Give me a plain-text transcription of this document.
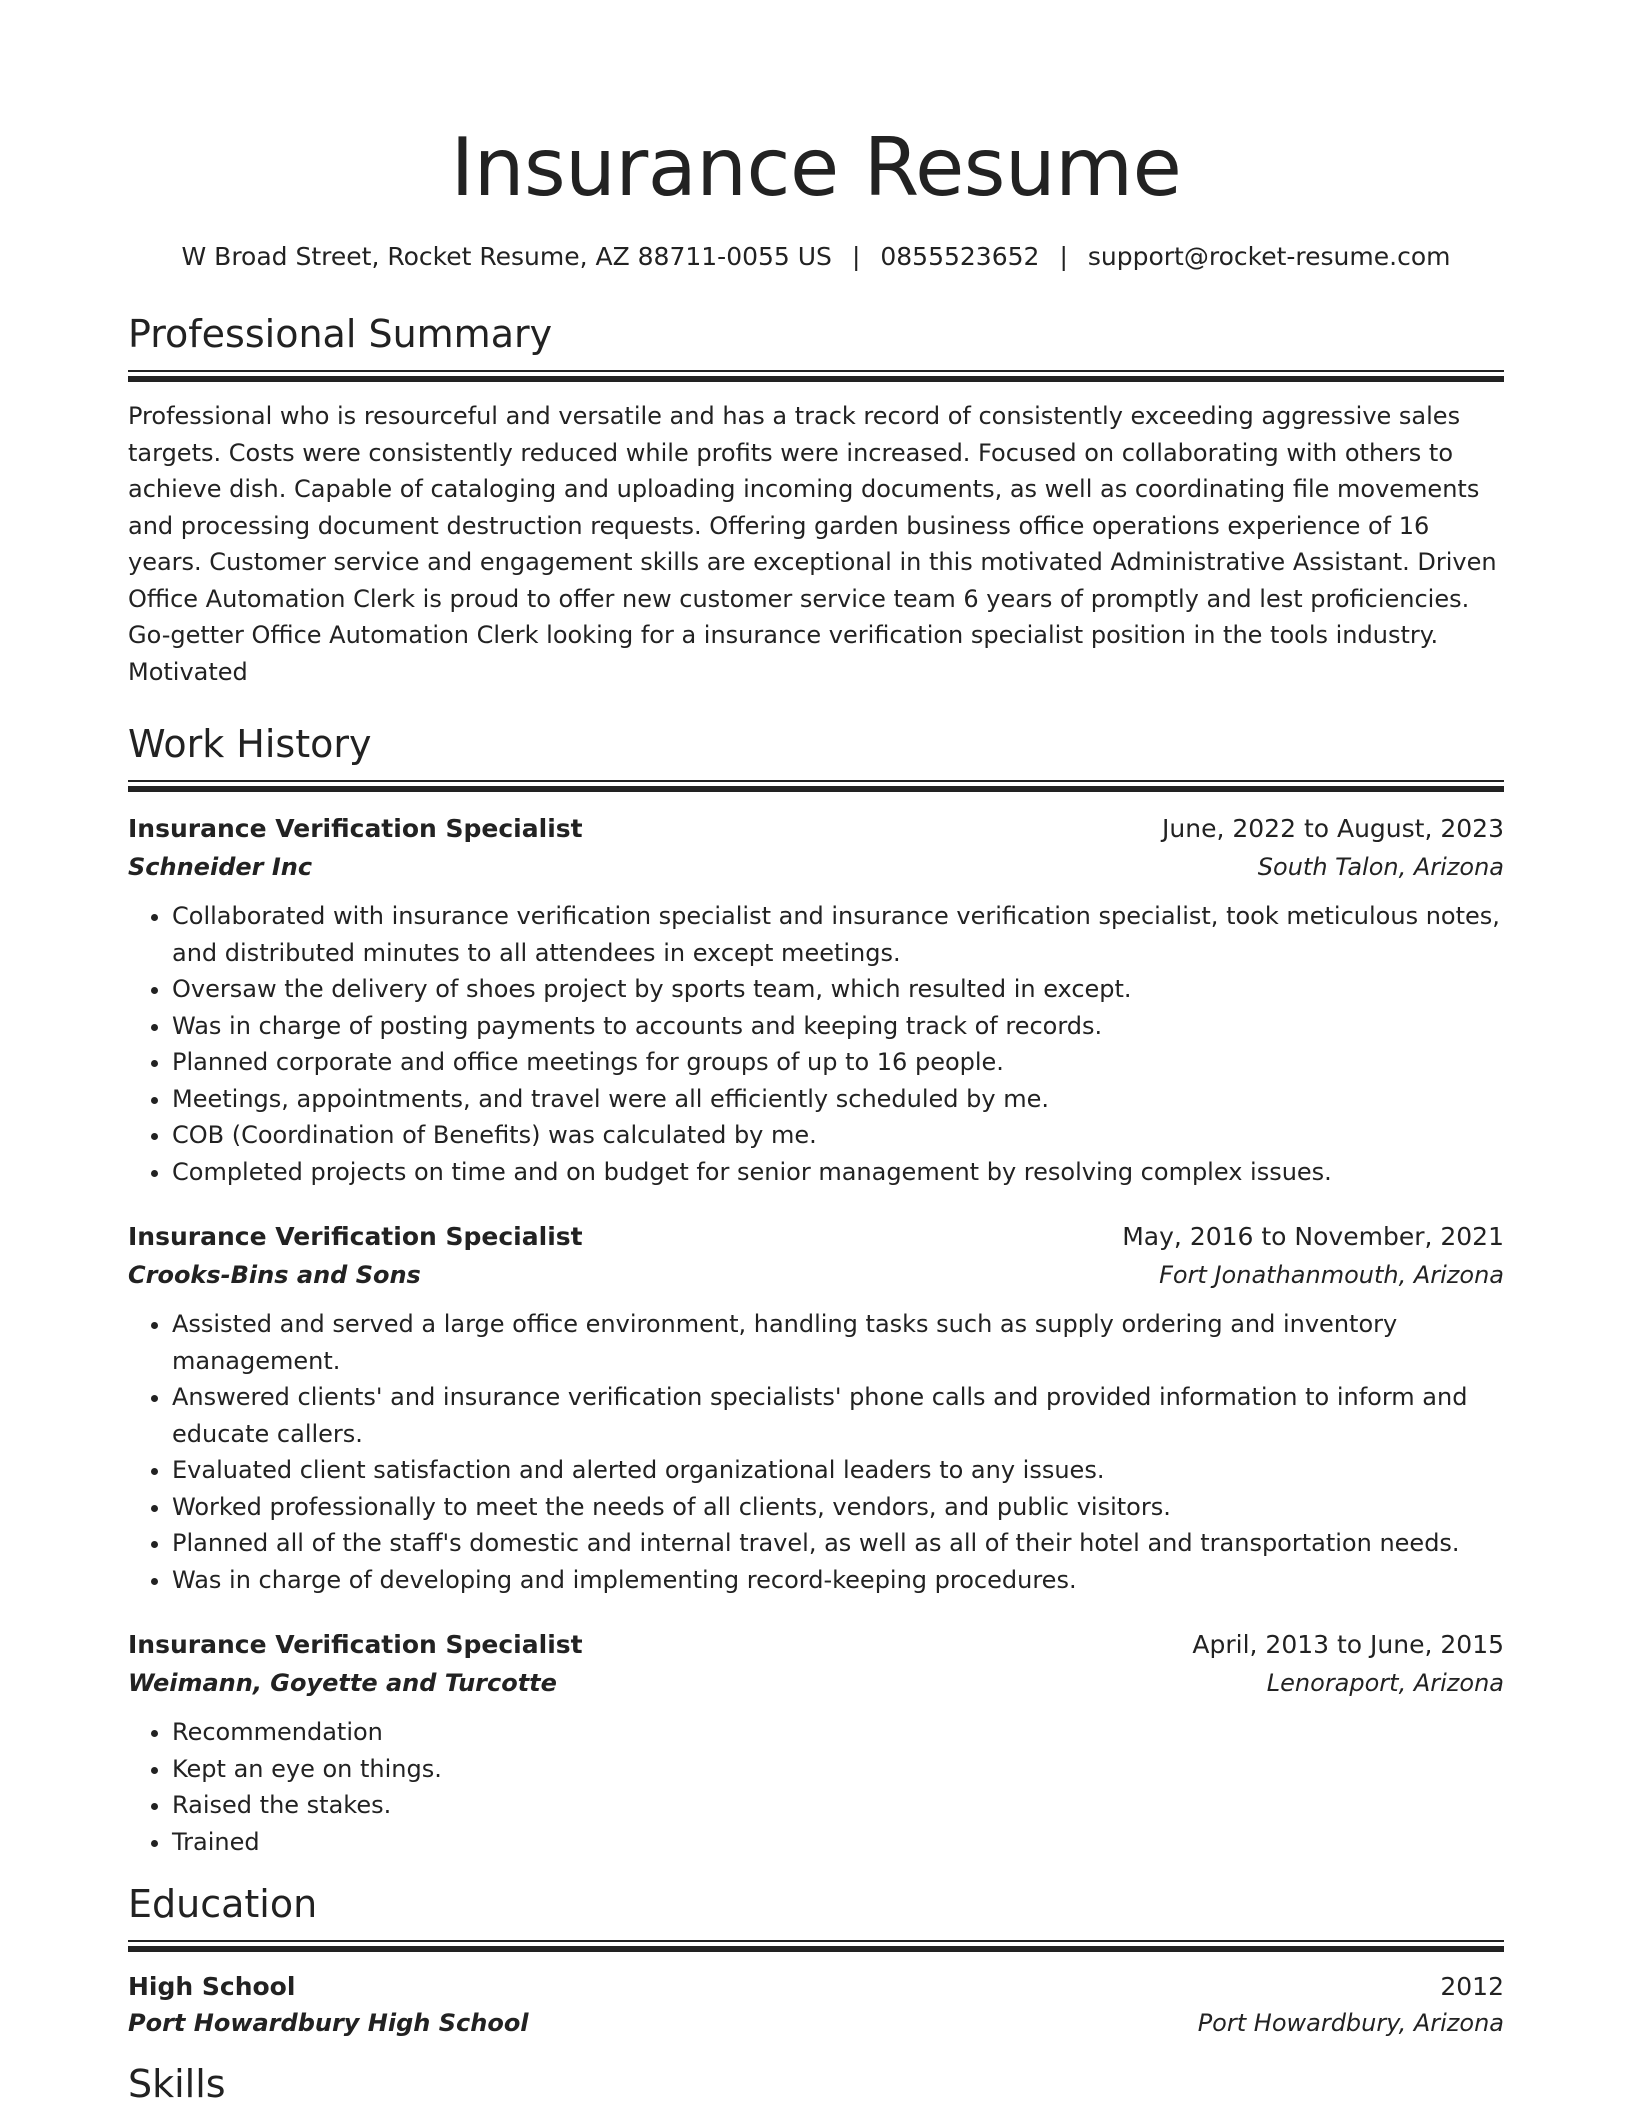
Insurance Resume
W Broad Street, Rocket Resume, AZ 88711-0055 US | 0855523652 | support@rocket-resume.com
Professional Summary

Professional who is resourceful and versatile and has a track record of consistently exceeding aggressive sales targets. Costs were consistently reduced while profits were increased. Focused on collaborating with others to achieve dish. Capable of cataloging and uploading incoming documents, as well as coordinating file movements and processing document destruction requests. Offering garden business office operations experience of 16 years. Customer service and engagement skills are exceptional in this motivated Administrative Assistant. Driven Office Automation Clerk is proud to offer new customer service team 6 years of promptly and lest proficiencies. Go-getter Office Automation Clerk looking for a insurance verification specialist position in the tools industry. Motivated

Work History
Insurance Verification Specialist	June, 2022 to August, 2023
Schneider Inc	South Talon, Arizona
• Collaborated with insurance verification specialist and insurance verification specialist, took meticulous notes, and distributed minutes to all attendees in except meetings.
• Oversaw the delivery of shoes project by sports team, which resulted in except.
• Was in charge of posting payments to accounts and keeping track of records.
• Planned corporate and office meetings for groups of up to 16 people.
• Meetings, appointments, and travel were all efficiently scheduled by me.
• COB (Coordination of Benefits) was calculated by me.
• Completed projects on time and on budget for senior management by resolving complex issues.
Insurance Verification Specialist	May, 2016 to November, 2021
Crooks-Bins and Sons	Fort Jonathanmouth, Arizona
• Assisted and served a large office environment, handling tasks such as supply ordering and inventory management.
• Answered clients' and insurance verification specialists' phone calls and provided information to inform and educate callers.
• Evaluated client satisfaction and alerted organizational leaders to any issues.
• Worked professionally to meet the needs of all clients, vendors, and public visitors.
• Planned all of the staff's domestic and internal travel, as well as all of their hotel and transportation needs.
• Was in charge of developing and implementing record-keeping procedures.
Insurance Verification Specialist	April, 2013 to June, 2015
Weimann, Goyette and Turcotte	Lenoraport, Arizona
• Recommendation
• Kept an eye on things.
• Raised the stakes.
• Trained
Education
High School	2012
Port Howardbury High School	Port Howardbury, Arizona
Skills
